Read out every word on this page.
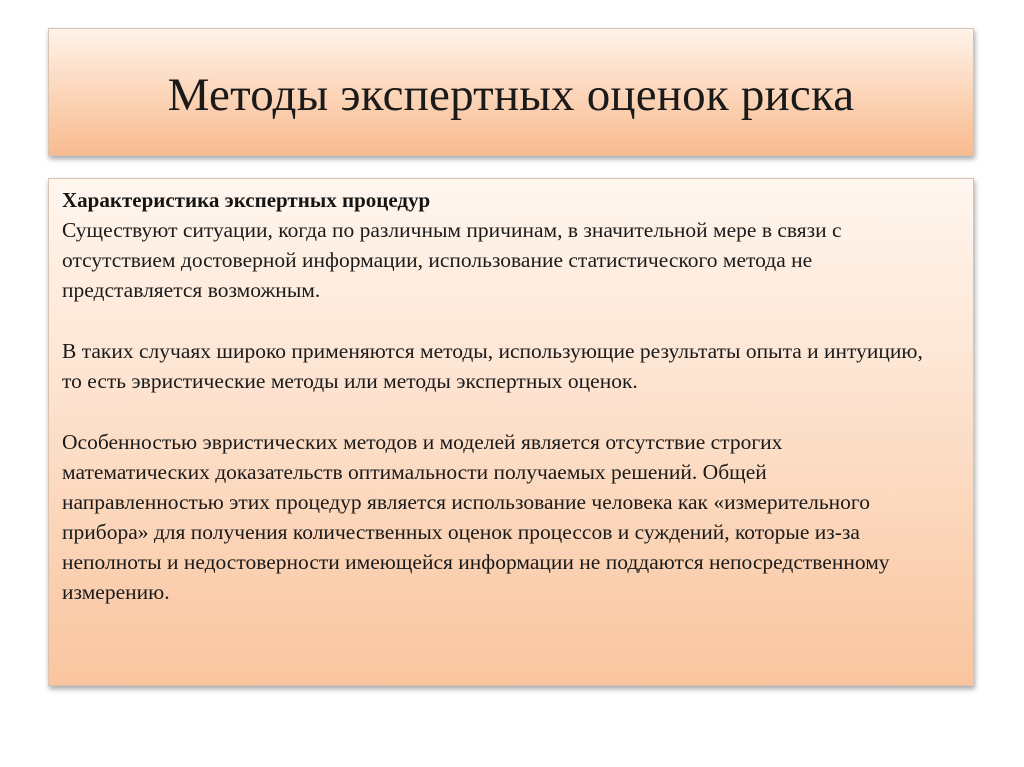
Методы экспертных оценок риска
Характеристика экспертных процедур

Существуют ситуации, когда по различным причинам, в значительной мере в связи с отсутствием достоверной информации, использование статистического метода не представляется возможным.

В таких случаях широко применяются методы, использующие результаты опыта и интуицию, то есть эвристические методы или методы экспертных оценок.

Особенностью эвристических методов и моделей является отсутствие строгих математических доказательств оптимальности получаемых решений. Общей направленностью этих процедур является использование человека как «измерительного прибора» для получения количественных оценок процессов и суждений, которые из-за неполноты и недостоверности имеющейся информации не поддаются непосредственному измерению.
